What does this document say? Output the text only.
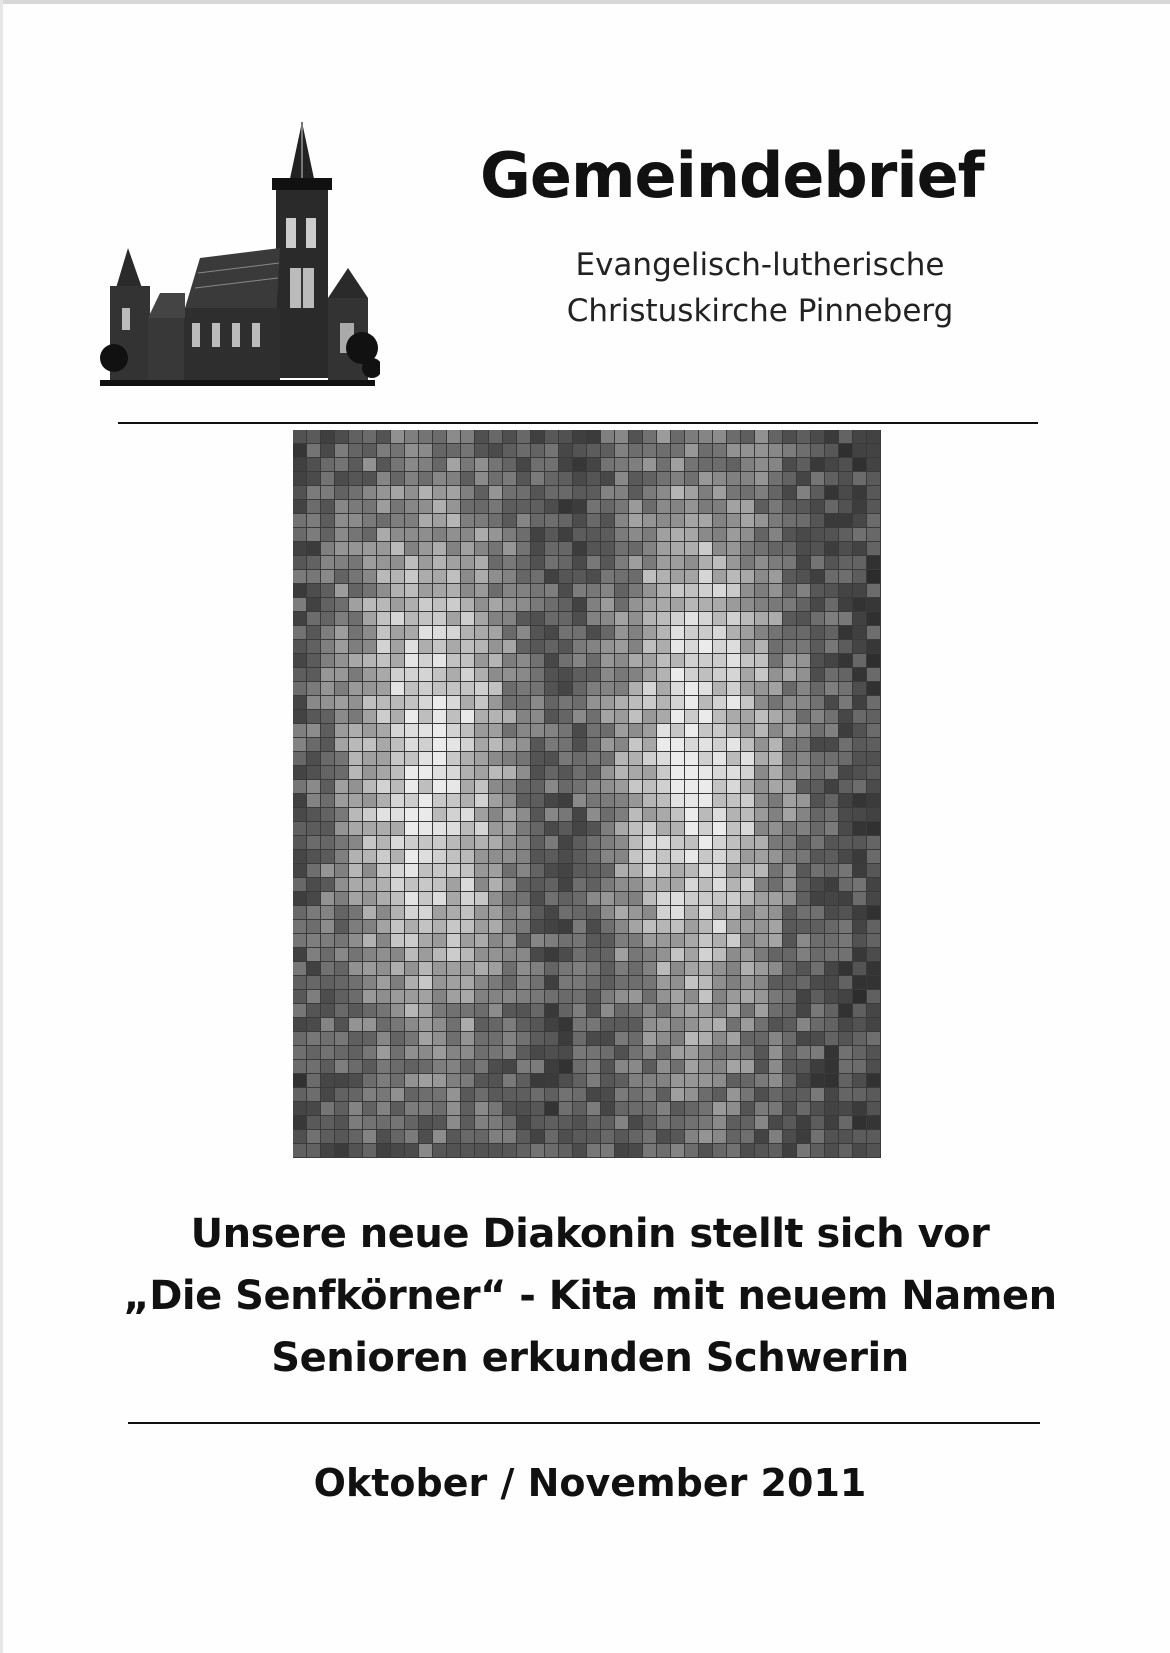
Gemeindebrief
Evangelisch-lutherische
Christuskirche Pinneberg
Unsere neue Diakonin stellt sich vor
„Die Senfkörner“ - Kita mit neuem Namen
Senioren erkunden Schwerin
Oktober / November 2011
